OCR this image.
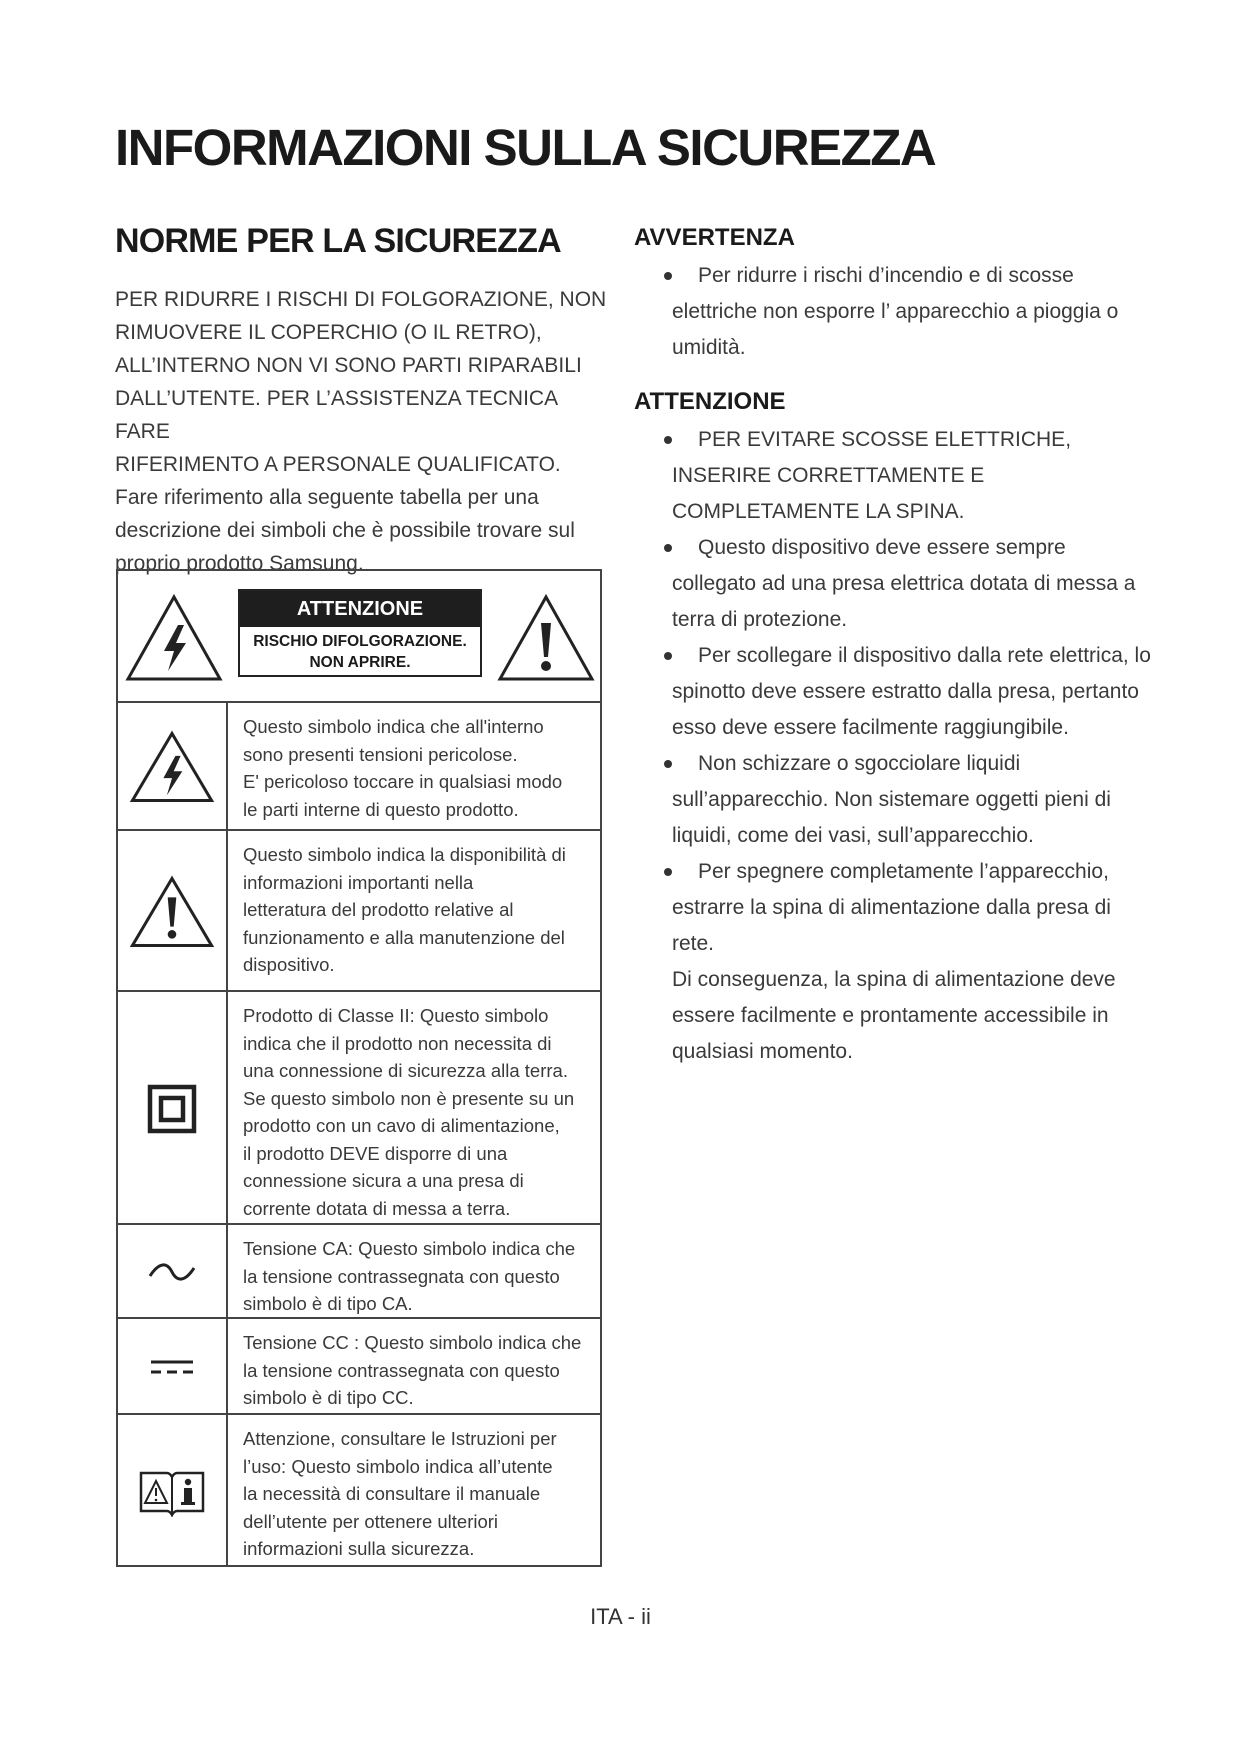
INFORMAZIONI SULLA SICUREZZA
NORME PER LA SICUREZZA

PER RIDURRE I RISCHI DI FOLGORAZIONE, NON
RIMUOVERE IL COPERCHIO (O IL RETRO),
ALL’INTERNO NON VI SONO PARTI RIPARABILI
DALL’UTENTE. PER L’ASSISTENZA TECNICA FARE
RIFERIMENTO A PERSONALE QUALIFICATO.

Fare riferimento alla seguente tabella per una
descrizione dei simboli che è possibile trovare sul
proprio prodotto Samsung.

ATTENZIONE
RISCHIO DIFOLGORAZIONE.
NON APRIRE.
Questo simbolo indica che all'interno
sono presenti tensioni pericolose.
E' pericoloso toccare in qualsiasi modo
le parti interne di questo prodotto.
Questo simbolo indica la disponibilità di
informazioni importanti nella
letteratura del prodotto relative al
funzionamento e alla manutenzione del
dispositivo.
Prodotto di Classe II: Questo simbolo
indica che il prodotto non necessita di
una connessione di sicurezza alla terra.
Se questo simbolo non è presente su un
prodotto con un cavo di alimentazione,
il prodotto DEVE disporre di una
connessione sicura a una presa di
corrente dotata di messa a terra.
Tensione CA: Questo simbolo indica che
la tensione contrassegnata con questo
simbolo è di tipo CA.
Tensione CC : Questo simbolo indica che
la tensione contrassegnata con questo
simbolo è di tipo CC.
Attenzione, consultare le Istruzioni per
l’uso: Questo simbolo indica all’utente
la necessità di consultare il manuale
dell’utente per ottenere ulteriori
informazioni sulla sicurezza.
AVVERTENZA
Per ridurre i rischi d’incendio e di scosse elettriche non esporre l’ apparecchio a pioggia o umidità.
ATTENZIONE
PER EVITARE SCOSSE ELETTRICHE, INSERIRE CORRETTAMENTE E COMPLETAMENTE LA SPINA.
Questo dispositivo deve essere sempre collegato ad una presa elettrica dotata di messa a terra di protezione.
Per scollegare il dispositivo dalla rete elettrica, lo spinotto deve essere estratto dalla presa, pertanto esso deve essere facilmente raggiungibile.
Non schizzare o sgocciolare liquidi sull’apparecchio. Non sistemare oggetti pieni di liquidi, come dei vasi, sull’apparecchio.
Per spegnere completamente l’apparecchio, estrarre la spina di alimentazione dalla presa di rete.
Di conseguenza, la spina di alimentazione deve essere facilmente e prontamente accessibile in qualsiasi momento.
ITA - ii
